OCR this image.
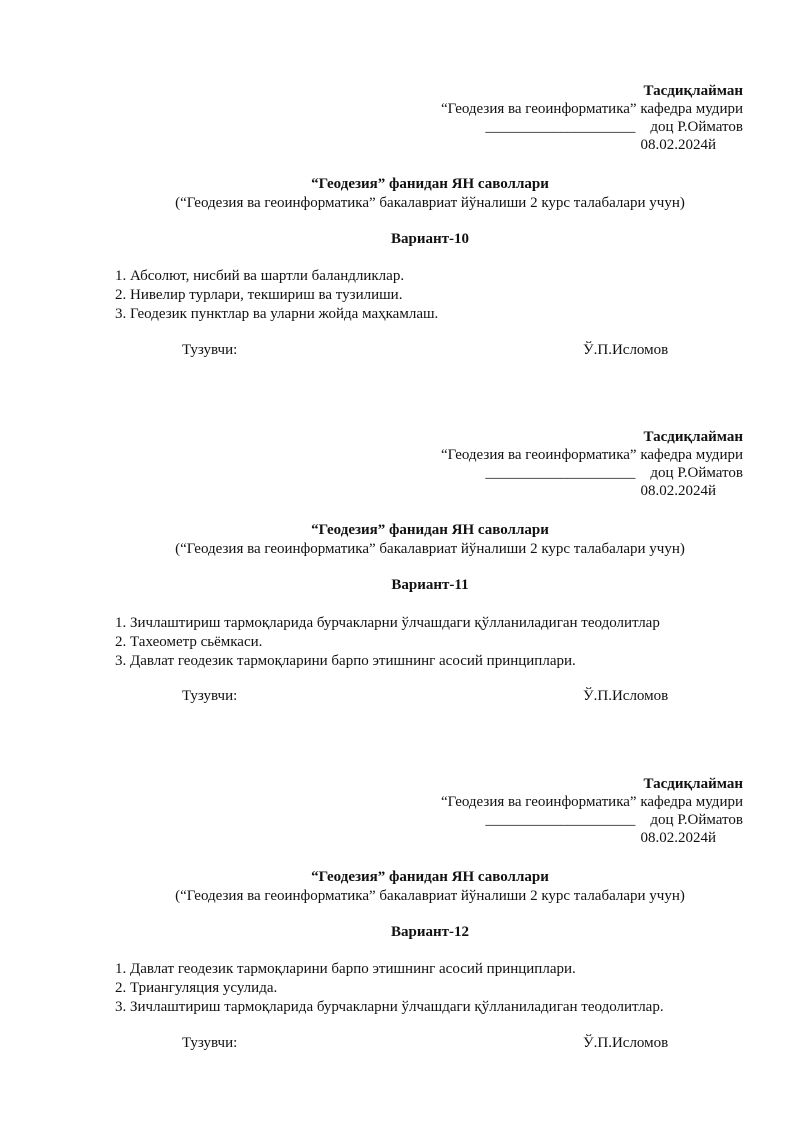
Тасдиқлайман
“Геодезия ва геоинформатика” кафедра мудири
____________________    доц Р.Ойматов
08.02.2024й
“Геодезия” фанидан ЯН саволлари
(“Геодезия ва геоинформатика” бакалавриат йўналиши 2 курс талабалари учун)
Вариант-10
1. Абсолют, нисбий ва шартли баландликлар.
2. Нивелир турлари, текшириш ва тузилиши.
3. Геодезик пунктлар ва уларни жойда маҳкамлаш.
Тузувчи:	Ў.П.Исломов
Тасдиқлайман
“Геодезия ва геоинформатика” кафедра мудири
____________________    доц Р.Ойматов
08.02.2024й
“Геодезия” фанидан ЯН саволлари
(“Геодезия ва геоинформатика” бакалавриат йўналиши 2 курс талабалари учун)
Вариант-11
1. Зичлаштириш тармоқларида бурчакларни ўлчашдаги қўлланиладиган теодолитлар
2. Тахеометр сьёмкаси.
3. Давлат геодезик тармоқларини барпо этишнинг асосий принциплари.
Тузувчи:	Ў.П.Исломов
Тасдиқлайман
“Геодезия ва геоинформатика” кафедра мудири
____________________    доц Р.Ойматов
08.02.2024й
“Геодезия” фанидан ЯН саволлари
(“Геодезия ва геоинформатика” бакалавриат йўналиши 2 курс талабалари учун)
Вариант-12
1. Давлат геодезик тармоқларини барпо этишнинг асосий принциплари.
2. Триангуляция усулида.
3. Зичлаштириш тармоқларида бурчакларни ўлчашдаги қўлланиладиган теодолитлар.
Тузувчи:	Ў.П.Исломов
